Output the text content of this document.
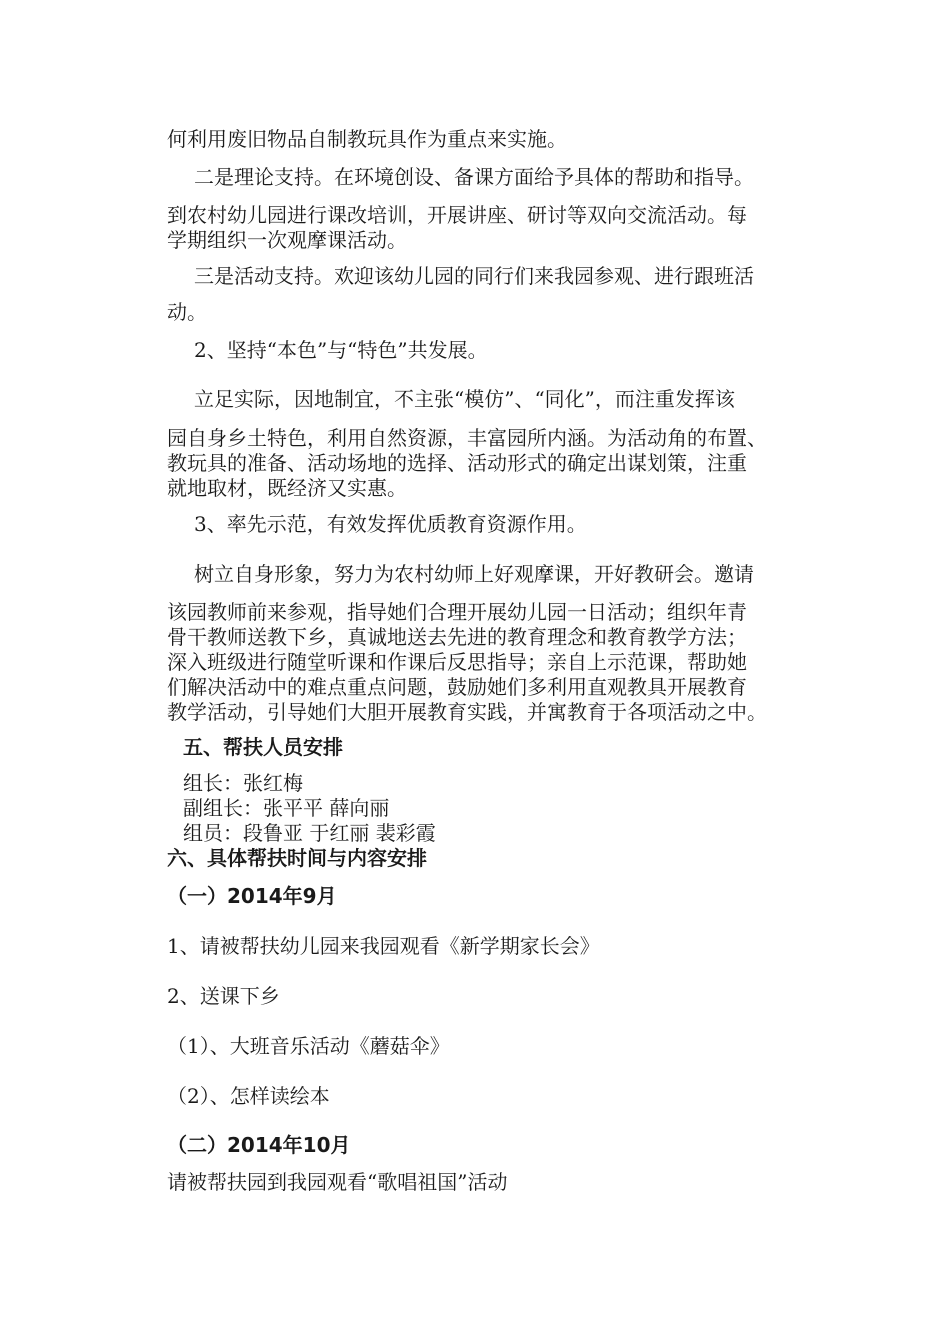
何利用废旧物品自制教玩具作为重点来实施。

二是理论支持。在环境创设、备课方面给予具体的帮助和指导。

到农村幼儿园进行课改培训，开展讲座、研讨等双向交流活动。每
学期组织一次观摩课活动。

三是活动支持。欢迎该幼儿园的同行们来我园参观、进行跟班活

动。

2、坚持“本色”与“特色”共发展。

立足实际，因地制宜，不主张“模仿”、“同化”，而注重发挥该

园自身乡土特色，利用自然资源，丰富园所内涵。为活动角的布置、
教玩具的准备、活动场地的选择、活动形式的确定出谋划策，注重
就地取材，既经济又实惠。

3、率先示范，有效发挥优质教育资源作用。

树立自身形象，努力为农村幼师上好观摩课，开好教研会。邀请

该园教师前来参观，指导她们合理开展幼儿园一日活动；组织年青
骨干教师送教下乡，真诚地送去先进的教育理念和教育教学方法；
深入班级进行随堂听课和作课后反思指导；亲自上示范课，帮助她
们解决活动中的难点重点问题，鼓励她们多利用直观教具开展教育
教学活动，引导她们大胆开展教育实践，并寓教育于各项活动之中。

五、帮扶人员安排

组长：张红梅

副组长：张平平 薛向丽

组员：段鲁亚 于红丽 裴彩霞

六、具体帮扶时间与内容安排

（一）2014年9月

1、请被帮扶幼儿园来我园观看《新学期家长会》

2、送课下乡

（1）、大班音乐活动《蘑菇伞》

（2）、怎样读绘本

（二）2014年10月

请被帮扶园到我园观看“歌唱祖国”活动
